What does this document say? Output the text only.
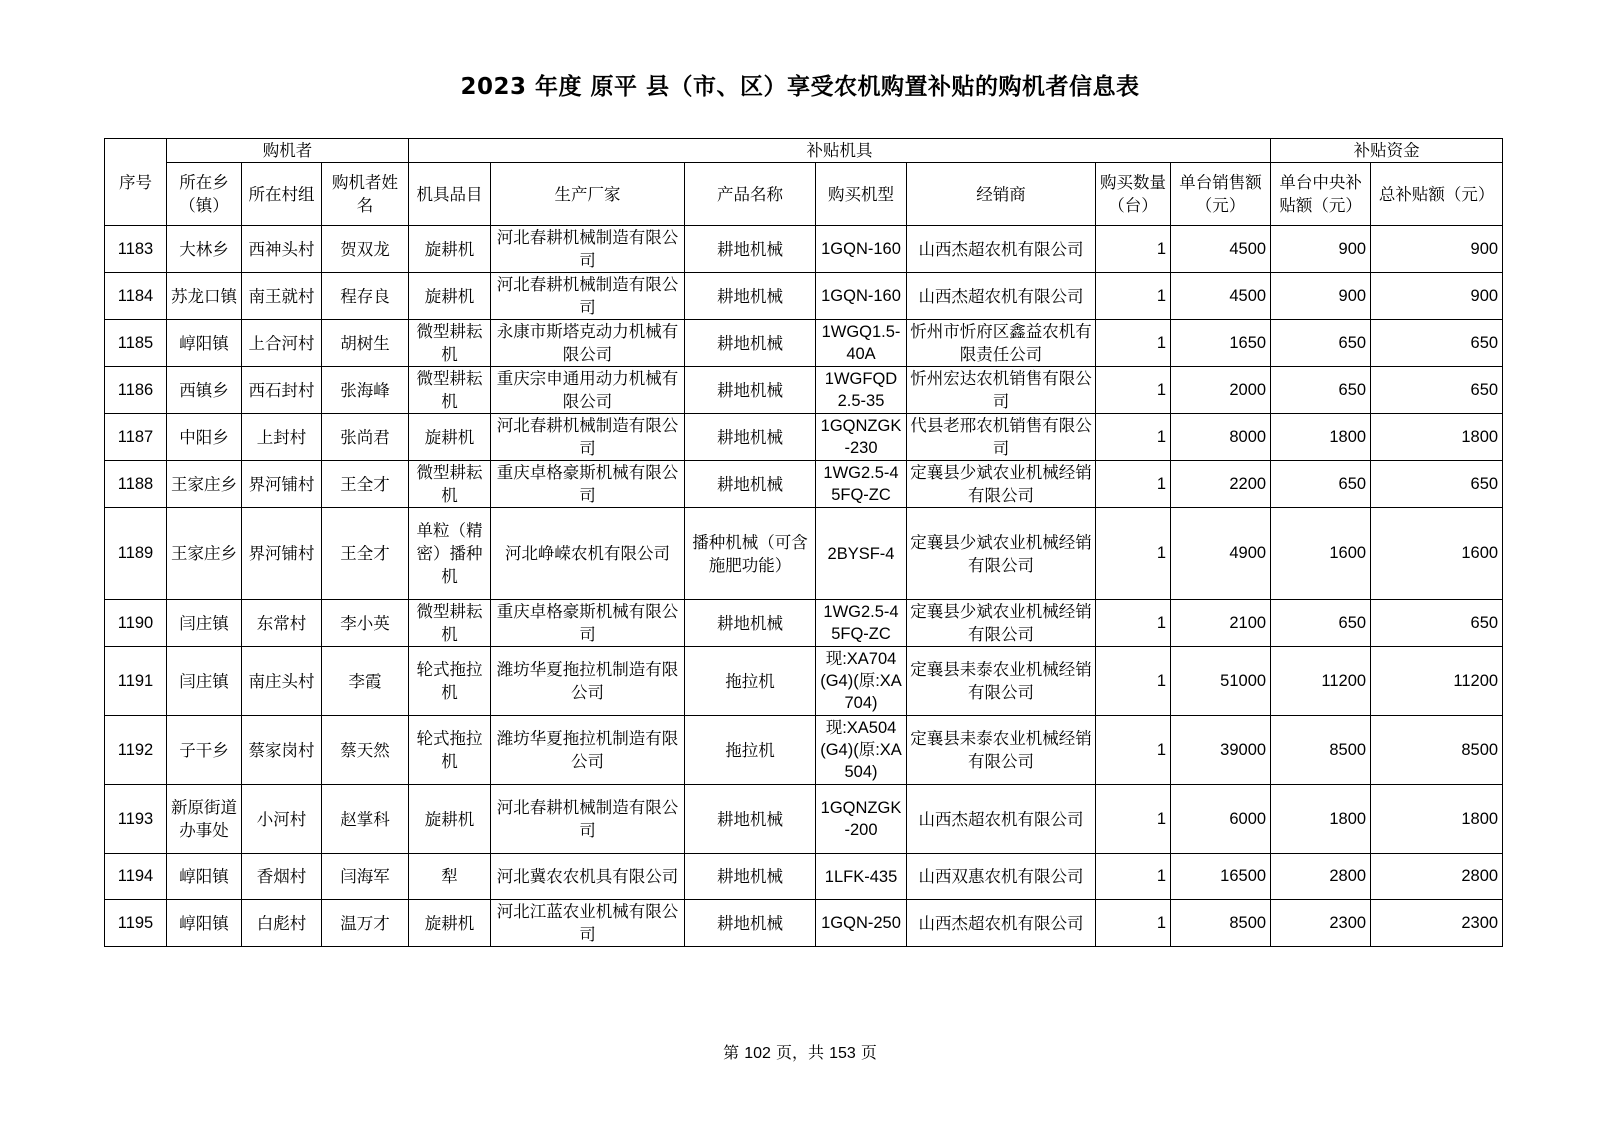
2023 年度 原平 县（市、区）享受农机购置补贴的购机者信息表
序号	购机者			补贴机具							补贴资金	
	所在乡（镇）	所在村组	购机者姓名	机具品目	生产厂家	产品名称	购买机型	经销商	购买数量（台）	单台销售额（元）	单台中央补贴额（元）	总补贴额（元）
1183	大林乡	西神头村	贺双龙	旋耕机	河北春耕机械制造有限公司	耕地机械	1GQN-160	山西杰超农机有限公司	1	4500	900	900
1184	苏龙口镇	南王就村	程存良	旋耕机	河北春耕机械制造有限公司	耕地机械	1GQN-160	山西杰超农机有限公司	1	4500	900	900
1185	崞阳镇	上合河村	胡树生	微型耕耘机	永康市斯塔克动力机械有限公司	耕地机械	1WGQ1.5-40A	忻州市忻府区鑫益农机有限责任公司	1	1650	650	650
1186	西镇乡	西石封村	张海峰	微型耕耘机	重庆宗申通用动力机械有限公司	耕地机械	1WGFQD2.5-35	忻州宏达农机销售有限公司	1	2000	650	650
1187	中阳乡	上封村	张尚君	旋耕机	河北春耕机械制造有限公司	耕地机械	1GQNZGK-230	代县老邢农机销售有限公司	1	8000	1800	1800
1188	王家庄乡	界河铺村	王全才	微型耕耘机	重庆卓格豪斯机械有限公司	耕地机械	1WG2.5-45FQ-ZC	定襄县少斌农业机械经销有限公司	1	2200	650	650
1189	王家庄乡	界河铺村	王全才	单粒（精密）播种机	河北峥嵘农机有限公司	播种机械（可含施肥功能）	2BYSF-4	定襄县少斌农业机械经销有限公司	1	4900	1600	1600
1190	闫庄镇	东常村	李小英	微型耕耘机	重庆卓格豪斯机械有限公司	耕地机械	1WG2.5-45FQ-ZC	定襄县少斌农业机械经销有限公司	1	2100	650	650
1191	闫庄镇	南庄头村	李霞	轮式拖拉机	潍坊华夏拖拉机制造有限公司	拖拉机	现:XA704(G4)(原:XA704)	定襄县耒泰农业机械经销有限公司	1	51000	11200	11200
1192	子干乡	蔡家岗村	蔡天然	轮式拖拉机	潍坊华夏拖拉机制造有限公司	拖拉机	现:XA504(G4)(原:XA504)	定襄县耒泰农业机械经销有限公司	1	39000	8500	8500
1193	新原街道办事处	小河村	赵掌科	旋耕机	河北春耕机械制造有限公司	耕地机械	1GQNZGK-200	山西杰超农机有限公司	1	6000	1800	1800
1194	崞阳镇	香烟村	闫海军	犁	河北冀农农机具有限公司	耕地机械	1LFK-435	山西双惠农机有限公司	1	16500	2800	2800
1195	崞阳镇	白彪村	温万才	旋耕机	河北江蓝农业机械有限公司	耕地机械	1GQN-250	山西杰超农机有限公司	1	8500	2300	2300
第 102 页，共 153 页
